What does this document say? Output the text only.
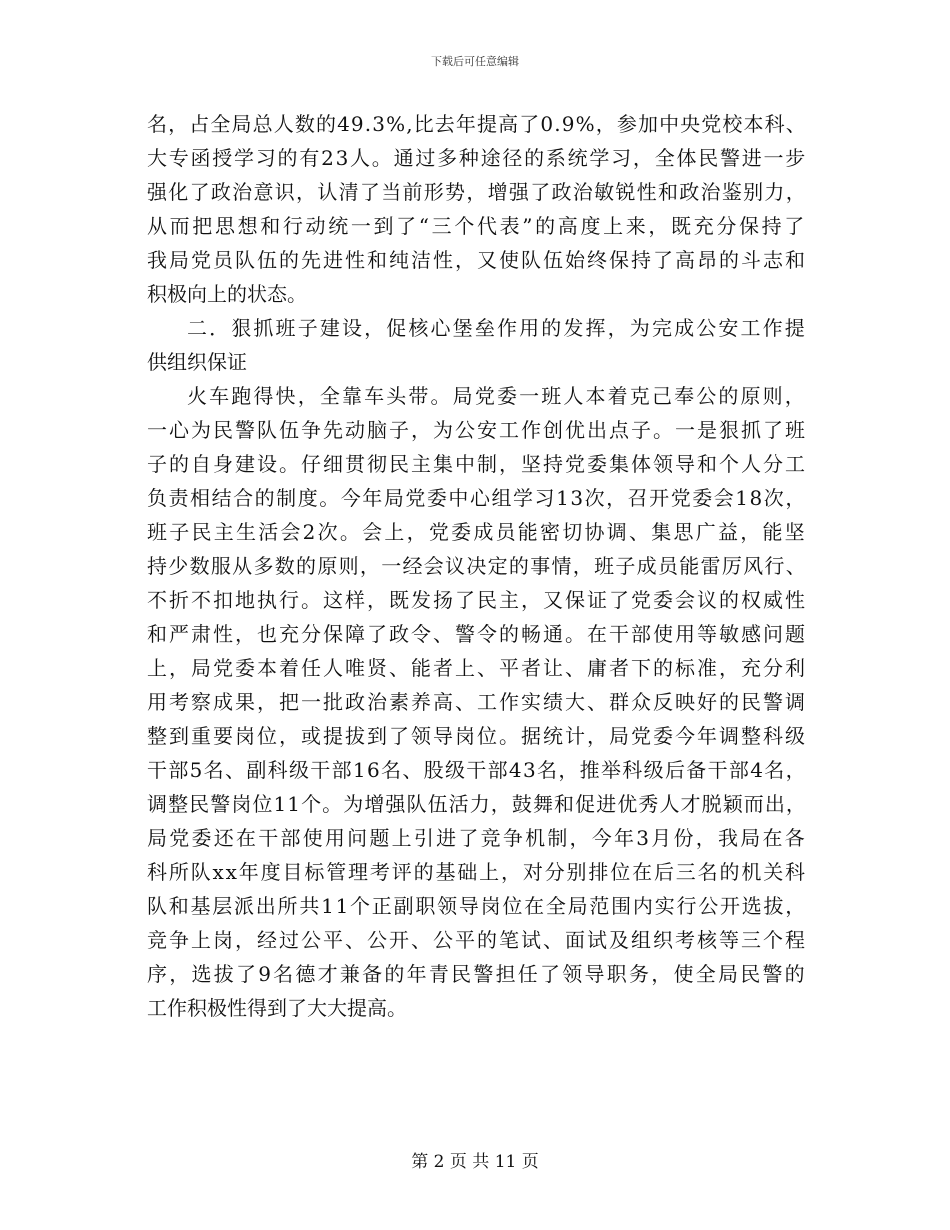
下载后可任意编辑
名，占全局总人数的49.3%,比去年提高了0.9%，参加中央党校本科、
大专函授学习的有23人。通过多种途径的系统学习，全体民警进一步
强化了政治意识，认清了当前形势，增强了政治敏锐性和政治鉴别力，
从而把思想和行动统一到了“三个代表”的高度上来，既充分保持了
我局党员队伍的先进性和纯洁性，又使队伍始终保持了高昂的斗志和
积极向上的状态。
二．狠抓班子建设，促核心堡垒作用的发挥，为完成公安工作提
供组织保证
火车跑得快，全靠车头带。局党委一班人本着克己奉公的原则，
一心为民警队伍争先动脑子，为公安工作创优出点子。一是狠抓了班
子的自身建设。仔细贯彻民主集中制，坚持党委集体领导和个人分工
负责相结合的制度。今年局党委中心组学习13次，召开党委会18次，
班子民主生活会2次。会上，党委成员能密切协调、集思广益，能坚
持少数服从多数的原则，一经会议决定的事情，班子成员能雷厉风行、
不折不扣地执行。这样，既发扬了民主，又保证了党委会议的权威性
和严肃性，也充分保障了政令、警令的畅通。在干部使用等敏感问题
上，局党委本着任人唯贤、能者上、平者让、庸者下的标准，充分利
用考察成果，把一批政治素养高、工作实绩大、群众反映好的民警调
整到重要岗位，或提拔到了领导岗位。据统计，局党委今年调整科级
干部5名、副科级干部16名、股级干部43名，推举科级后备干部4名，
调整民警岗位11个。为增强队伍活力，鼓舞和促进优秀人才脱颖而出，
局党委还在干部使用问题上引进了竞争机制，今年3月份，我局在各
科所队xx年度目标管理考评的基础上，对分别排位在后三名的机关科
队和基层派出所共11个正副职领导岗位在全局范围内实行公开选拔，
竞争上岗，经过公平、公开、公平的笔试、面试及组织考核等三个程
序，选拔了9名德才兼备的年青民警担任了领导职务，使全局民警的
工作积极性得到了大大提高。
第 2 页 共 11 页
